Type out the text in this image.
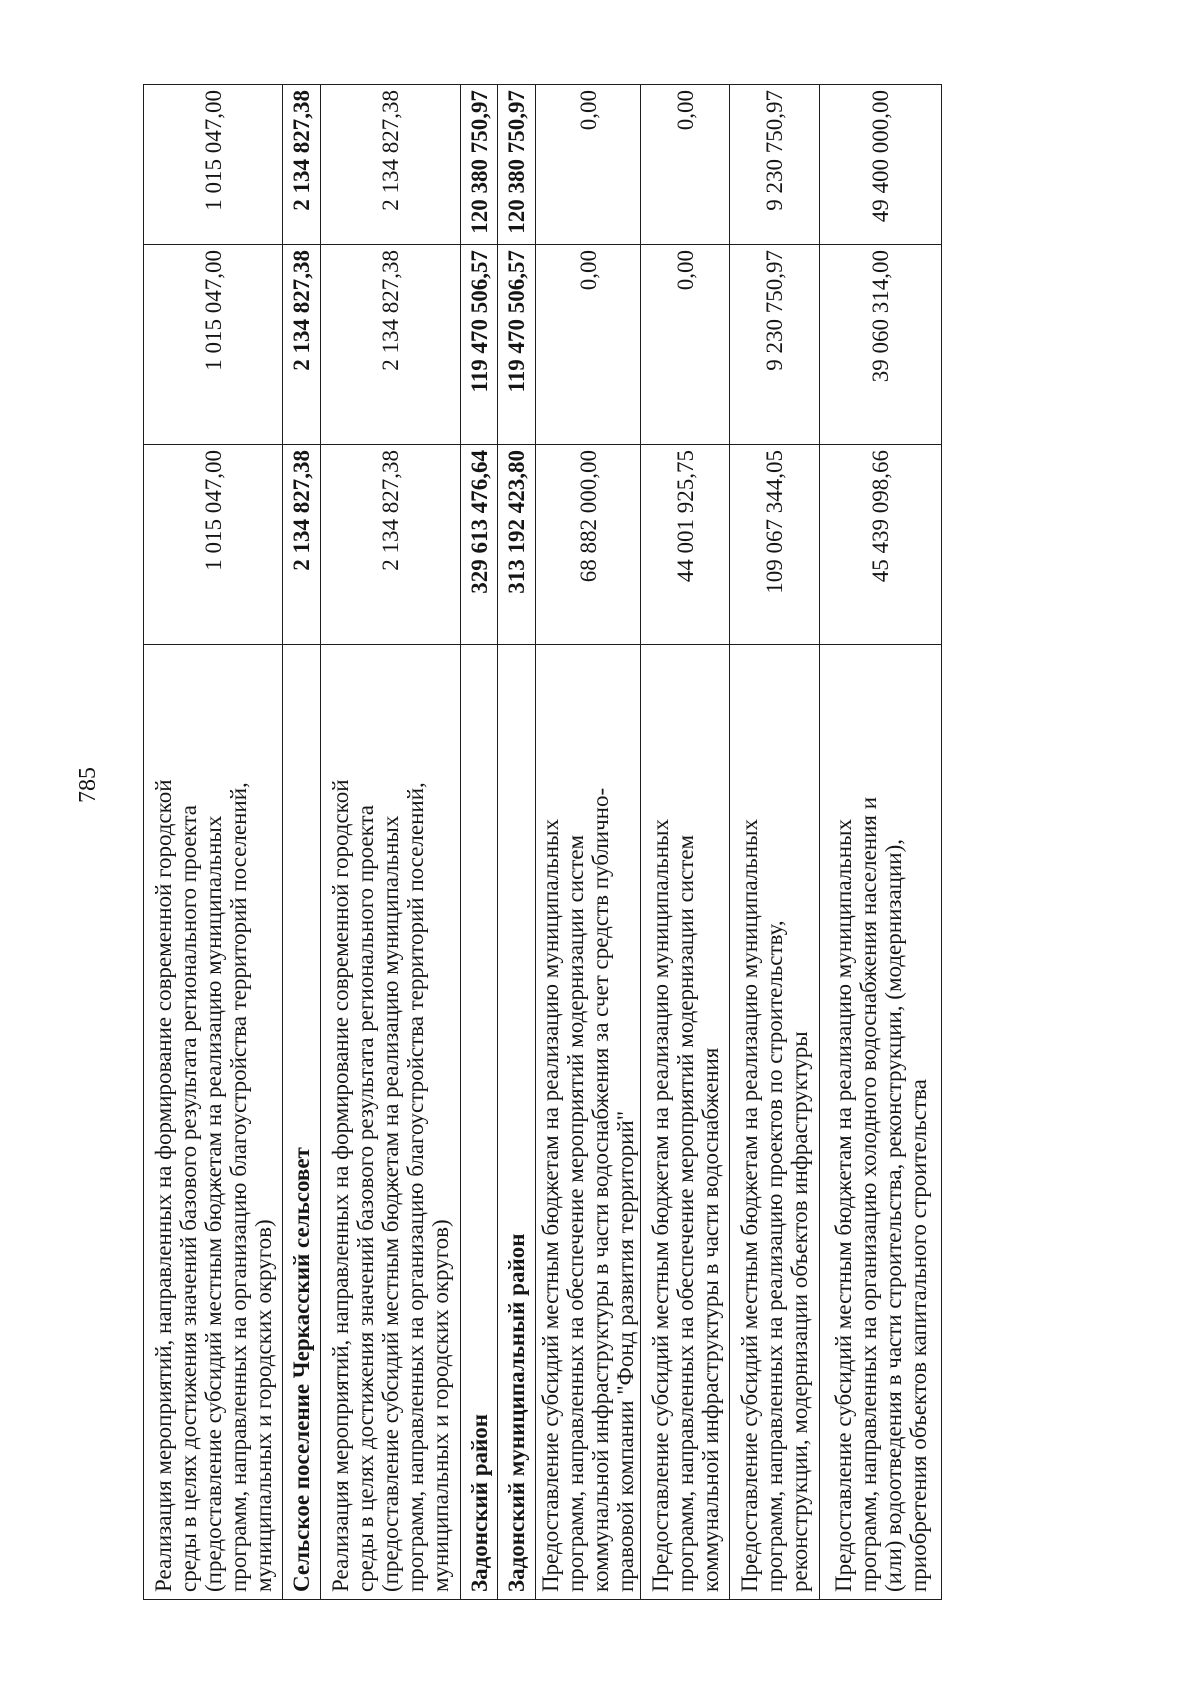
785
Реализация мероприятий, направленных на формирование современной городской
среды в целях достижения значений базового результата регионального проекта
(предоставление субсидий местным бюджетам на реализацию муниципальных
программ, направленных на организацию благоустройства территорий поселений,
муниципальных и городских округов)	1 015 047,00	1 015 047,00	1 015 047,00
Сельское поселение Черкасский сельсовет	2 134 827,38	2 134 827,38	2 134 827,38
Реализация мероприятий, направленных на формирование современной городской
среды в целях достижения значений базового результата регионального проекта
(предоставление субсидий местным бюджетам на реализацию муниципальных
программ, направленных на организацию благоустройства территорий поселений,
муниципальных и городских округов)	2 134 827,38	2 134 827,38	2 134 827,38
Задонский район	329 613 476,64	119 470 506,57	120 380 750,97
Задонский муниципальный район	313 192 423,80	119 470 506,57	120 380 750,97
Предоставление субсидий местным бюджетам на реализацию муниципальных
программ, направленных на обеспечение мероприятий модернизации систем
коммунальной инфраструктуры в части водоснабжения за счет средств публично-
правовой компании "Фонд развития территорий"	68 882 000,00	0,00	0,00
Предоставление субсидий местным бюджетам на реализацию муниципальных
программ, направленных на обеспечение мероприятий модернизации систем
коммунальной инфраструктуры в части водоснабжения	44 001 925,75	0,00	0,00
Предоставление субсидий местным бюджетам на реализацию муниципальных
программ, направленных на реализацию проектов по строительству,
реконструкции, модернизации объектов инфраструктуры	109 067 344,05	9 230 750,97	9 230 750,97
Предоставление субсидий местным бюджетам на реализацию муниципальных
программ, направленных на организацию холодного водоснабжения населения и
(или) водоотведения в части строительства, реконструкции, (модернизации),
приобретения объектов капитального строительства	45 439 098,66	39 060 314,00	49 400 000,00
